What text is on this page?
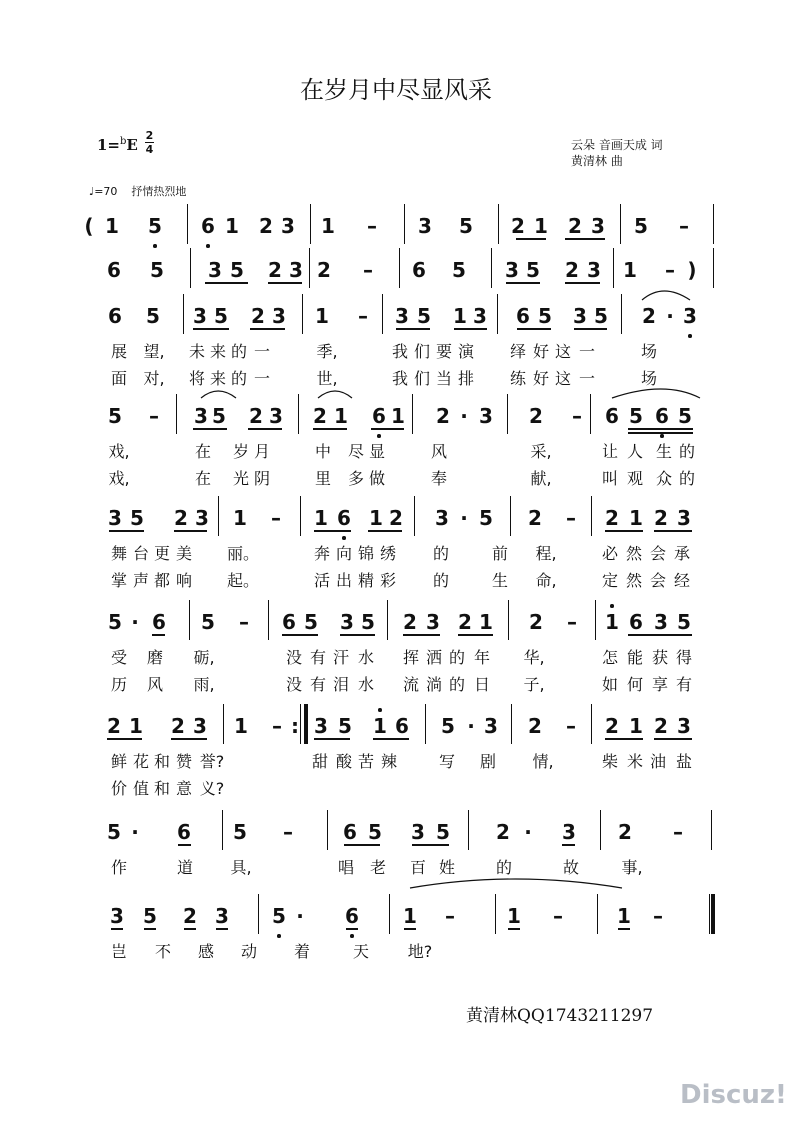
在岁月中尽显风采
1=$^b$E
2
4	云朵 音画天成 词
黄清林 曲
♩=70 抒情热烈地
( 1 5 6 1 2 3 1 – 3 5 2 1 2 3 5 –
6 5 3 5 2 3 2 – 6 5 3 5 2 3 1 – )
6 5 3 5 2 3 1 – 3 5 1 3 6 5 3 5 2 · 3
展 望, 未 来 的 一	季,	我 们 要 演 绎 好 这 一	场
面 对, 将 来 的 一	世,	我 们 当 排 练 好 这 一	场
5 – 3 5 2 3 2 1 6 1 2 · 3 2 – 6 5 6 5
戏,	在 岁 月	中 尽 显	风	采,	让 人 生 的
戏,	在 光 阴	里 多 做	奉	献,	叫 观 众 的
3 5 2 3 1 – 1 6 1 2 3 · 5 2 – 2 1 2 3
舞 台 更 美 丽。	奔 向 锦 绣 的	前 程,	必 然 会 承
掌 声 都 响 起。	活 出 精 彩 的	生 命,	定 然 会 经
5 · 6 5 – 6 5 3 5 2 3 2 1 2 – 1 6 3 5
受 磨 砺,	没 有 汗 水 挥 洒 的 年 华,	怎 能 获 得
历 风 雨,	没 有 泪 水 流 淌 的 日 子,	如 何 享 有
2 1 2 3 1 – : 3 5 1 6 5 · 3 2 – 2 1 2 3
鲜 花 和 赞 誉?	甜 酸 苦 辣	写 剧 情,	柴 米 油 盐
价 值 和 意 义?
5 · 6 5 –	6 5 3 5 2 · 3 2 –
作	道 具,	唱 老 百 姓	的	故	事,
3 5 2 3 5 · 6 1 –	1 –	1 –
岂 不 感 动 着	天 地?
黄清林QQ1743211297
Discuz!
